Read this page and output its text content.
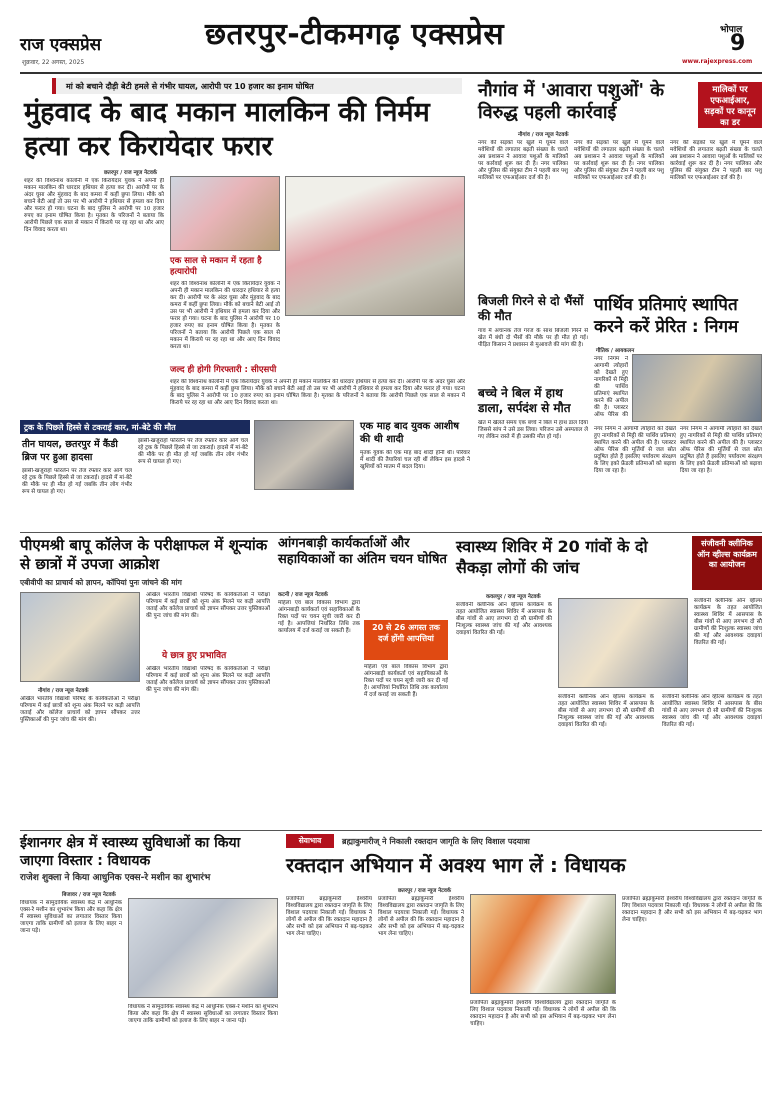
राज एक्सप्रेस
शुक्रवार, 22 अगस्त, 2025
छतरपुर-टीकमगढ़ एक्सप्रेस	भोपाल
9
www.rajexpress.com
मां को बचाने दौड़ी बेटी हमले से गंभीर घायल, आरोपी पर 10 हजार का इनाम घोषित
मुंहवाद के बाद मकान मालकिन की निर्मम हत्या कर किरायेदार फरार
छतरपुर / राज न्यूज नेटवर्क
शहर की विश्वनाथ कॉलोनी में एक किरायेदार युवक ने अपनी ही मकान मालकिन की धारदार हथियार से हत्या कर दी। आरोपी पर के अंदर घुसा और मुंहवाद के बाद कमरा में कहीं छुपा लिया। मौके को बचाने बेटी आई तो उस पर भी आरोपी ने हथियार से हमला कर दिया और फरार हो गया। घटना के बाद पुलिस ने आरोपी पर 10 हजार रुपए का इनाम घोषित किया है। मृतका के परिजनों ने बताया कि आरोपी पिछले एक साल से मकान में किराये पर रह रहा था और आए दिन विवाद करता था।
एक साल से मकान में रहता है हत्यारोपी
शहर की विश्वनाथ कॉलोनी में एक किरायेदार युवक ने अपनी ही मकान मालकिन की धारदार हथियार से हत्या कर दी। आरोपी पर के अंदर घुसा और मुंहवाद के बाद कमरा में कहीं छुपा लिया। मौके को बचाने बेटी आई तो उस पर भी आरोपी ने हथियार से हमला कर दिया और फरार हो गया। घटना के बाद पुलिस ने आरोपी पर 10 हजार रुपए का इनाम घोषित किया है। मृतका के परिजनों ने बताया कि आरोपी पिछले एक साल से मकान में किराये पर रह रहा था और आए दिन विवाद करता था।
जल्द ही होगी गिरफ्तारी : सीएसपी
शहर की विश्वनाथ कॉलोनी में एक किरायेदार युवक ने अपनी ही मकान मालकिन की धारदार हथियार से हत्या कर दी। आरोपी पर के अंदर घुसा और मुंहवाद के बाद कमरा में कहीं छुपा लिया। मौके को बचाने बेटी आई तो उस पर भी आरोपी ने हथियार से हमला कर दिया और फरार हो गया। घटना के बाद पुलिस ने आरोपी पर 10 हजार रुपए का इनाम घोषित किया है। मृतका के परिजनों ने बताया कि आरोपी पिछले एक साल से मकान में किराये पर रह रहा था और आए दिन विवाद करता था।
नौगांव में 'आवारा पशुओं' के विरुद्ध पहली कार्रवाई
मालिकों पर एफआईआर, सड़कों पर कानून का डर
नौगांव / राज न्यूज नेटवर्क
नगर की सड़कों पर खुले में घूमने वाले मवेशियों की लगातार बढ़ती संख्या के चलते अब प्रशासन ने आवारा पशुओं के मालिकों पर कार्रवाई शुरू कर दी है। नगर पालिका और पुलिस की संयुक्त टीम ने पहली बार पशु मालिकों पर एफआईआर दर्ज की है।
नगर की सड़कों पर खुले में घूमने वाले मवेशियों की लगातार बढ़ती संख्या के चलते अब प्रशासन ने आवारा पशुओं के मालिकों पर कार्रवाई शुरू कर दी है। नगर पालिका और पुलिस की संयुक्त टीम ने पहली बार पशु मालिकों पर एफआईआर दर्ज की है।
नगर की सड़कों पर खुले में घूमने वाले मवेशियों की लगातार बढ़ती संख्या के चलते अब प्रशासन ने आवारा पशुओं के मालिकों पर कार्रवाई शुरू कर दी है। नगर पालिका और पुलिस की संयुक्त टीम ने पहली बार पशु मालिकों पर एफआईआर दर्ज की है।
बिजली गिरने से दो भैंसों की मौत
गांव में अचानक तेज गरज के साथ बिजली गिरने से खेत में बंधी दो भैंसों की मौके पर ही मौत हो गई। पीड़ित किसान ने प्रशासन से मुआवजे की मांग की है।
बच्चे ने बिल में हाथ डाला, सर्पदंश से मौत
खेत में खेलते समय एक बच्चे ने बिल में हाथ डाल दिया जिससे सांप ने उसे डस लिया। परिजन उसे अस्पताल ले गए लेकिन रास्ते में ही उसकी मौत हो गई।
पार्थिव प्रतिमाएं स्थापित करने करें प्रेरित : निगम
गौतिक / आयकलन
नगर निगम ने आगामी त्योहारों को देखते हुए नागरिकों से मिट्टी की पार्थिव प्रतिमाएं स्थापित करने की अपील की है। प्लास्टर ऑफ पेरिस की
नगर निगम ने आगामी त्योहारों को देखते हुए नागरिकों से मिट्टी की पार्थिव प्रतिमाएं स्थापित करने की अपील की है। प्लास्टर ऑफ पेरिस की मूर्तियों से जल स्रोत प्रदूषित होते हैं इसलिए पर्यावरण संरक्षण के लिए इको फ्रेंडली प्रतिमाओं को बढ़ावा दिया जा रहा है।
नगर निगम ने आगामी त्योहारों को देखते हुए नागरिकों से मिट्टी की पार्थिव प्रतिमाएं स्थापित करने की अपील की है। प्लास्टर ऑफ पेरिस की मूर्तियों से जल स्रोत प्रदूषित होते हैं इसलिए पर्यावरण संरक्षण के लिए इको फ्रेंडली प्रतिमाओं को बढ़ावा दिया जा रहा है।
ट्रक के पिछले हिस्से से टकराई कार, मां-बेटे की मौत
तीन घायल, छतरपुर में कैंडी ब्रिज पर हुआ हादसा
झांसी-खजुराहो फोरलेन पर तेज रफ्तार कार आगे चल रहे ट्रक के पिछले हिस्से से जा टकराई। हादसे में मां-बेटे की मौके पर ही मौत हो गई जबकि तीन लोग गंभीर रूप से घायल हो गए।
झांसी-खजुराहो फोरलेन पर तेज रफ्तार कार आगे चल रहे ट्रक के पिछले हिस्से से जा टकराई। हादसे में मां-बेटे की मौके पर ही मौत हो गई जबकि तीन लोग गंभीर रूप से घायल हो गए।
एक माह बाद युवक आशीष की थी शादी
मृतक युवक की एक माह बाद शादी होनी थी। परिवार में शादी की तैयारियां चल रही थीं लेकिन इस हादसे ने खुशियों को मातम में बदल दिया।
पीएमश्री बापू कॉलेज के परीक्षाफल में शून्यांक से छात्रों में उपजा आक्रोश
एबीवीपी का प्राचार्य को ज्ञापन, कॉपियां पुनः जांचने की मांग
नौगांव / राज न्यूज नेटवर्क
अखिल भारतीय विद्यार्थी परिषद के कार्यकर्ताओं ने परीक्षा परिणाम में कई छात्रों को शून्य अंक मिलने पर कड़ी आपत्ति जताई और कॉलेज प्राचार्य को ज्ञापन सौंपकर उत्तर पुस्तिकाओं की पुनः जांच की मांग की।
अखिल भारतीय विद्यार्थी परिषद के कार्यकर्ताओं ने परीक्षा परिणाम में कई छात्रों को शून्य अंक मिलने पर कड़ी आपत्ति जताई और कॉलेज प्राचार्य को ज्ञापन सौंपकर उत्तर पुस्तिकाओं की पुनः जांच की मांग की।
ये छात्र हुए प्रभावित
अखिल भारतीय विद्यार्थी परिषद के कार्यकर्ताओं ने परीक्षा परिणाम में कई छात्रों को शून्य अंक मिलने पर कड़ी आपत्ति जताई और कॉलेज प्राचार्य को ज्ञापन सौंपकर उत्तर पुस्तिकाओं की पुनः जांच की मांग की।
आंगनबाड़ी कार्यकर्ताओं और सहायिकाओं का अंतिम चयन घोषित
कटनी / राज न्यूज नेटवर्क
महिला एवं बाल विकास विभाग द्वारा आंगनबाड़ी कार्यकर्ता एवं सहायिकाओं के रिक्त पदों पर चयन सूची जारी कर दी गई है। आपत्तियां निर्धारित तिथि तक कार्यालय में दर्ज कराई जा सकती हैं।	20 से 26 अगस्त तक दर्ज होंगी आपत्तियां
महिला एवं बाल विकास विभाग द्वारा आंगनबाड़ी कार्यकर्ता एवं सहायिकाओं के रिक्त पदों पर चयन सूची जारी कर दी गई है। आपत्तियां निर्धारित तिथि तक कार्यालय में दर्ज कराई जा सकती हैं।
स्वास्थ्य शिविर में 20 गांवों के दो सैकड़ा लोगों की जांच
संजीवनी क्लीनिक ऑन व्हील्स कार्यक्रम का आयोजन
कवलपुर / राज न्यूज नेटवर्क
संजीवनी क्लीनिक ऑन व्हील्स कार्यक्रम के तहत आयोजित स्वास्थ्य शिविर में आसपास के बीस गांवों से आए लगभग दो सौ ग्रामीणों की निःशुल्क स्वास्थ्य जांच की गई और आवश्यक दवाइयां वितरित की गईं।
संजीवनी क्लीनिक ऑन व्हील्स कार्यक्रम के तहत आयोजित स्वास्थ्य शिविर में आसपास के बीस गांवों से आए लगभग दो सौ ग्रामीणों की निःशुल्क स्वास्थ्य जांच की गई और आवश्यक दवाइयां वितरित की गईं।
संजीवनी क्लीनिक ऑन व्हील्स कार्यक्रम के तहत आयोजित स्वास्थ्य शिविर में आसपास के बीस गांवों से आए लगभग दो सौ ग्रामीणों की निःशुल्क स्वास्थ्य जांच की गई और आवश्यक दवाइयां वितरित की गईं।
संजीवनी क्लीनिक ऑन व्हील्स कार्यक्रम के तहत आयोजित स्वास्थ्य शिविर में आसपास के बीस गांवों से आए लगभग दो सौ ग्रामीणों की निःशुल्क स्वास्थ्य जांच की गई और आवश्यक दवाइयां वितरित की गईं।
ईशानगर क्षेत्र में स्वास्थ्य सुविधाओं का किया जाएगा विस्तार : विधायक
राजेश शुक्ला ने किया आधुनिक एक्स-रे मशीन का शुभारंभ
बिजावर / राज न्यूज नेटवर्क
विधायक ने सामुदायिक स्वास्थ्य केंद्र में आधुनिक एक्स-रे मशीन का शुभारंभ किया और कहा कि क्षेत्र में स्वास्थ्य सुविधाओं का लगातार विस्तार किया जाएगा ताकि ग्रामीणों को इलाज के लिए बाहर न जाना पड़े।
विधायक ने सामुदायिक स्वास्थ्य केंद्र में आधुनिक एक्स-रे मशीन का शुभारंभ किया और कहा कि क्षेत्र में स्वास्थ्य सुविधाओं का लगातार विस्तार किया जाएगा ताकि ग्रामीणों को इलाज के लिए बाहर न जाना पड़े।
सेवाभाव	ब्रह्माकुमारीज् ने निकाली रक्तदान जागृति के लिए विशाल पदयात्रा
रक्तदान अभियान में अवश्य भाग लें : विधायक
छतरपुर / राज न्यूज नेटवर्क
प्रजापिता ब्रह्माकुमारी ईश्वरीय विश्वविद्यालय द्वारा रक्तदान जागृति के लिए विशाल पदयात्रा निकाली गई। विधायक ने लोगों से अपील की कि रक्तदान महादान है और सभी को इस अभियान में बढ़-चढ़कर भाग लेना चाहिए।
प्रजापिता ब्रह्माकुमारी ईश्वरीय विश्वविद्यालय द्वारा रक्तदान जागृति के लिए विशाल पदयात्रा निकाली गई। विधायक ने लोगों से अपील की कि रक्तदान महादान है और सभी को इस अभियान में बढ़-चढ़कर भाग लेना चाहिए।
प्रजापिता ब्रह्माकुमारी ईश्वरीय विश्वविद्यालय द्वारा रक्तदान जागृति के लिए विशाल पदयात्रा निकाली गई। विधायक ने लोगों से अपील की कि रक्तदान महादान है और सभी को इस अभियान में बढ़-चढ़कर भाग लेना चाहिए।
प्रजापिता ब्रह्माकुमारी ईश्वरीय विश्वविद्यालय द्वारा रक्तदान जागृति के लिए विशाल पदयात्रा निकाली गई। विधायक ने लोगों से अपील की कि रक्तदान महादान है और सभी को इस अभियान में बढ़-चढ़कर भाग लेना चाहिए।
